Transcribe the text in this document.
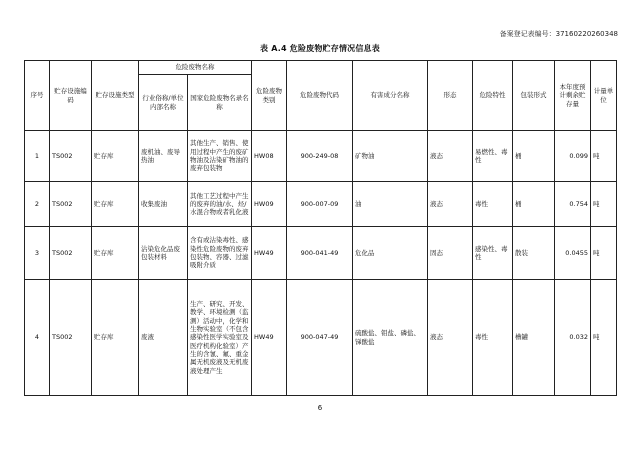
备案登记表编号：37160220260348
表 A.4 危险废物贮存情况信息表
序号	贮存设施编码	贮存设施类型	危险废物名称		危险废物类别	危险废物代码	有害成分名称	形态	危险特性	包装形式	本年度预计剩余贮存量	计量单位
			行业俗称/单位内部名称	国家危险废物名录名称								
1	TS002	贮存库	废机油、废导热油	其他生产、销售、使用过程中产生的废矿物油及沾染矿物油的废弃包装物	HW08	900-249-08	矿物油	液态	易燃性、毒性	桶	0.099	吨
2	TS002	贮存库	收集废油	其他工艺过程中产生的废弃的油/水、烃/水混合物或者乳化液	HW09	900-007-09	油	液态	毒性	桶	0.754	吨
3	TS002	贮存库	沾染危化品废包装材料	含有或沾染毒性、感染性危险废物的废弃包装物、容器、过滤吸附介质	HW49	900-041-49	危化品	固态	感染性、毒性	散装	0.0455	吨
4	TS002	贮存库	废液	生产、研究、开发、教学、环境检测（监测）活动中，化学和生物实验室（不包含感染性医学实验室及医疗机构化验室）产生的含氰、氟、重金属无机废液及无机废液处理产生	HW49	900-047-49	硫酸盐、钼盐、磷盐、锑酸盐	液态	毒性	槽罐	0.032	吨
6
